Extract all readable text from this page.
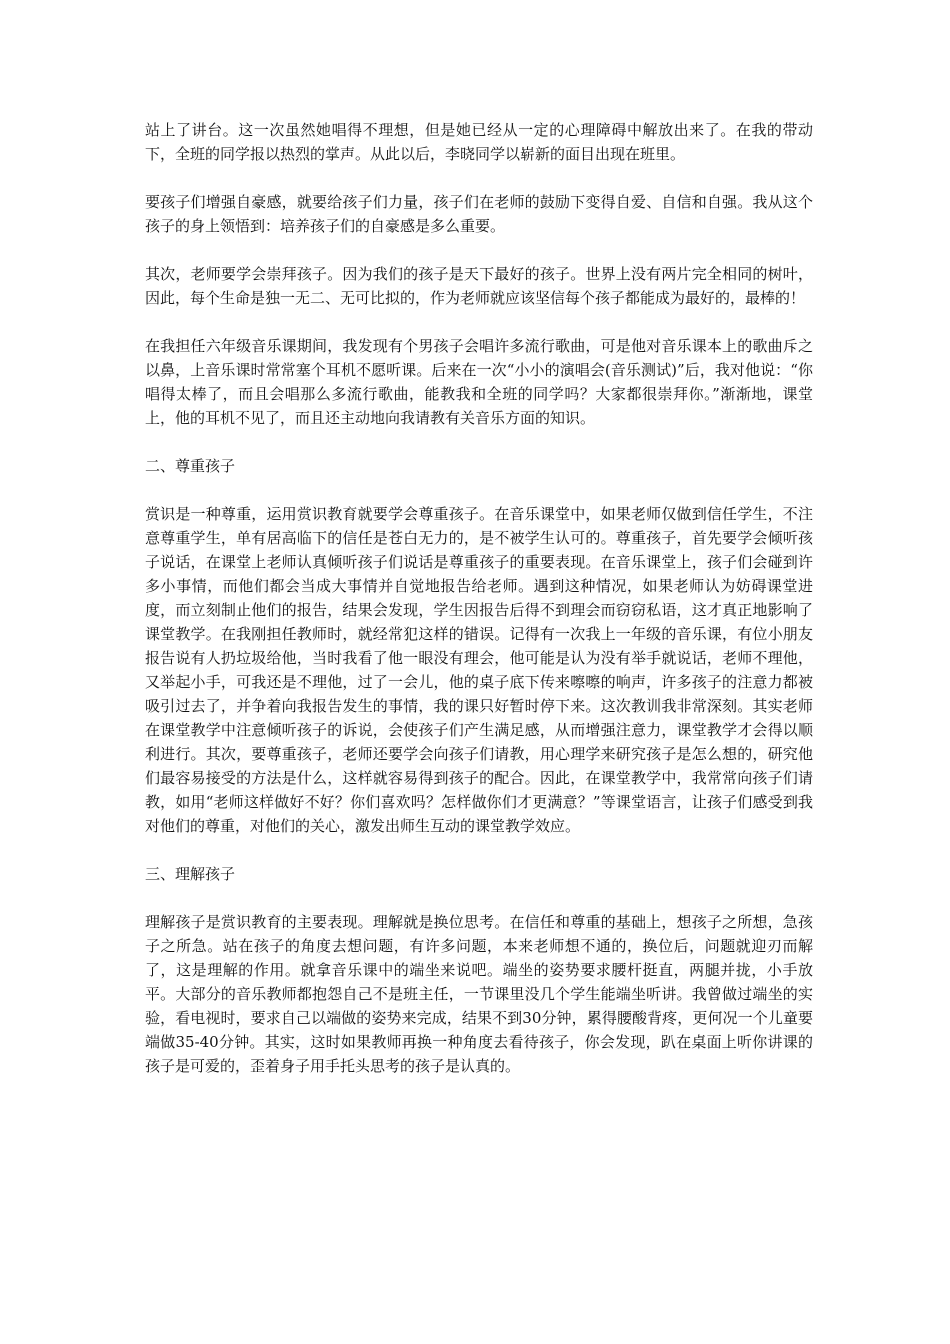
站上了讲台。这一次虽然她唱得不理想，但是她已经从一定的心理障碍中解放出来了。在我的带动下，全班的同学报以热烈的掌声。从此以后，李晓同学以崭新的面目出现在班里。

要孩子们增强自豪感，就要给孩子们力量，孩子们在老师的鼓励下变得自爱、自信和自强。我从这个孩子的身上领悟到：培养孩子们的自豪感是多么重要。

其次，老师要学会崇拜孩子。因为我们的孩子是天下最好的孩子。世界上没有两片完全相同的树叶，因此，每个生命是独一无二、无可比拟的，作为老师就应该坚信每个孩子都能成为最好的，最棒的！

在我担任六年级音乐课期间，我发现有个男孩子会唱许多流行歌曲，可是他对音乐课本上的歌曲斥之以鼻，上音乐课时常常塞个耳机不愿听课。后来在一次“小小的演唱会(音乐测试)”后，我对他说：“你唱得太棒了，而且会唱那么多流行歌曲，能教我和全班的同学吗？大家都很崇拜你。”渐渐地，课堂上，他的耳机不见了，而且还主动地向我请教有关音乐方面的知识。

二、尊重孩子

赏识是一种尊重，运用赏识教育就要学会尊重孩子。在音乐课堂中，如果老师仅做到信任学生，不注意尊重学生，单有居高临下的信任是苍白无力的，是不被学生认可的。尊重孩子，首先要学会倾听孩子说话，在课堂上老师认真倾听孩子们说话是尊重孩子的重要表现。在音乐课堂上，孩子们会碰到许多小事情，而他们都会当成大事情并自觉地报告给老师。遇到这种情况，如果老师认为妨碍课堂进度，而立刻制止他们的报告，结果会发现，学生因报告后得不到理会而窃窃私语，这才真正地影响了课堂教学。在我刚担任教师时，就经常犯这样的错误。记得有一次我上一年级的音乐课，有位小朋友报告说有人扔垃圾给他，当时我看了他一眼没有理会，他可能是认为没有举手就说话，老师不理他，又举起小手，可我还是不理他，过了一会儿，他的桌子底下传来嚓嚓的响声，许多孩子的注意力都被吸引过去了，并争着向我报告发生的事情，我的课只好暂时停下来。这次教训我非常深刻。其实老师在课堂教学中注意倾听孩子的诉说，会使孩子们产生满足感，从而增强注意力，课堂教学才会得以顺利进行。其次，要尊重孩子，老师还要学会向孩子们请教，用心理学来研究孩子是怎么想的，研究他们最容易接受的方法是什么，这样就容易得到孩子的配合。因此，在课堂教学中，我常常向孩子们请教，如用“老师这样做好不好？你们喜欢吗？怎样做你们才更满意？”等课堂语言，让孩子们感受到我对他们的尊重，对他们的关心，激发出师生互动的课堂教学效应。

三、理解孩子

理解孩子是赏识教育的主要表现。理解就是换位思考。在信任和尊重的基础上，想孩子之所想，急孩子之所急。站在孩子的角度去想问题，有许多问题，本来老师想不通的，换位后，问题就迎刃而解了，这是理解的作用。就拿音乐课中的端坐来说吧。端坐的姿势要求腰杆挺直，两腿并拢，小手放平。大部分的音乐教师都抱怨自己不是班主任，一节课里没几个学生能端坐听讲。我曾做过端坐的实验，看电视时，要求自己以端做的姿势来完成，结果不到30分钟，累得腰酸背疼，更何况一个儿童要端做35-40分钟。其实，这时如果教师再换一种角度去看待孩子，你会发现，趴在桌面上听你讲课的孩子是可爱的，歪着身子用手托头思考的孩子是认真的。
